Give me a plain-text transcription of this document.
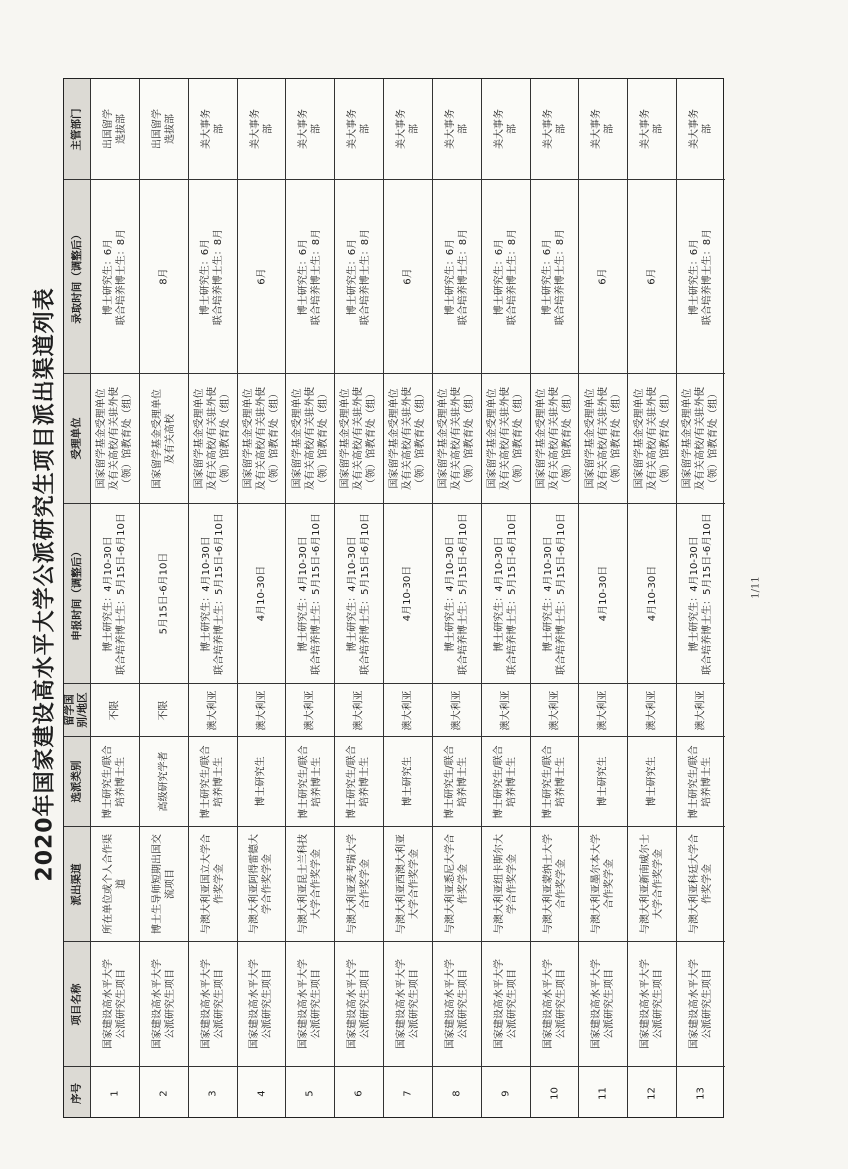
2020年国家建设高水平大学公派研究生项目派出渠道列表
序号
项目名称
派出渠道
选派类别
留学国 别/地区
申报时间（调整后）
受理单位
录取时间（调整后）
主管部门
1
国家建设高水平大学 公派研究生项目
所在单位或个人合作渠 道
博士研究生/联合 培养博士生
不限
博士研究生：4月10-30日 联合培养博士生：5月15日-6月10日
国家留学基金受理单位 及有关高校/有关驻外使 （领）馆教育处（组）
博士研究生：6月 联合培养博士生：8月
出国留学 选拔部
2
国家建设高水平大学 公派研究生项目
博士生导师短期出国交 流项目
高级研究学者
不限
5月15日-6月10日
国家留学基金受理单位 及有关高校
8月
出国留学 选拔部
3
国家建设高水平大学 公派研究生项目
与澳大利亚国立大学合 作奖学金
博士研究生/联合 培养博士生
澳大利亚
博士研究生：4月10-30日 联合培养博士生：5月15日-6月10日
国家留学基金受理单位 及有关高校/有关驻外使 （领）馆教育处（组）
博士研究生：6月 联合培养博士生：8月
美大事务 部
4
国家建设高水平大学 公派研究生项目
与澳大利亚阿得雷德大 学合作奖学金
博士研究生
澳大利亚
4月10-30日
国家留学基金受理单位 及有关高校/有关驻外使 （领）馆教育处（组）
6月
美大事务 部
5
国家建设高水平大学 公派研究生项目
与澳大利亚昆士兰科技 大学合作奖学金
博士研究生/联合 培养博士生
澳大利亚
博士研究生：4月10-30日 联合培养博士生：5月15日-6月10日
国家留学基金受理单位 及有关高校/有关驻外使 （领）馆教育处（组）
博士研究生：6月 联合培养博士生：8月
美大事务 部
6
国家建设高水平大学 公派研究生项目
与澳大利亚麦考瑞大学 合作奖学金
博士研究生/联合 培养博士生
澳大利亚
博士研究生：4月10-30日 联合培养博士生：5月15日-6月10日
国家留学基金受理单位 及有关高校/有关驻外使 （领）馆教育处（组）
博士研究生：6月 联合培养博士生：8月
美大事务 部
7
国家建设高水平大学 公派研究生项目
与澳大利亚西澳大利亚 大学合作奖学金
博士研究生
澳大利亚
4月10-30日
国家留学基金受理单位 及有关高校/有关驻外使 （领）馆教育处（组）
6月
美大事务 部
8
国家建设高水平大学 公派研究生项目
与澳大利亚悉尼大学合 作奖学金
博士研究生/联合 培养博士生
澳大利亚
博士研究生：4月10-30日 联合培养博士生：5月15日-6月10日
国家留学基金受理单位 及有关高校/有关驻外使 （领）馆教育处（组）
博士研究生：6月 联合培养博士生：8月
美大事务 部
9
国家建设高水平大学 公派研究生项目
与澳大利亚纽卡斯尔大 学合作奖学金
博士研究生/联合 培养博士生
澳大利亚
博士研究生：4月10-30日 联合培养博士生：5月15日-6月10日
国家留学基金受理单位 及有关高校/有关驻外使 （领）馆教育处（组）
博士研究生：6月 联合培养博士生：8月
美大事务 部
10
国家建设高水平大学 公派研究生项目
与澳大利亚蒙纳士大学 合作奖学金
博士研究生/联合 培养博士生
澳大利亚
博士研究生：4月10-30日 联合培养博士生：5月15日-6月10日
国家留学基金受理单位 及有关高校/有关驻外使 （领）馆教育处（组）
博士研究生：6月 联合培养博士生：8月
美大事务 部
11
国家建设高水平大学 公派研究生项目
与澳大利亚墨尔本大学 合作奖学金
博士研究生
澳大利亚
4月10-30日
国家留学基金受理单位 及有关高校/有关驻外使 （领）馆教育处（组）
6月
美大事务 部
12
国家建设高水平大学 公派研究生项目
与澳大利亚新南威尔士 大学合作奖学金
博士研究生
澳大利亚
4月10-30日
国家留学基金受理单位 及有关高校/有关驻外使 （领）馆教育处（组）
6月
美大事务 部
13
国家建设高水平大学 公派研究生项目
与澳大利亚科廷大学合 作奖学金
博士研究生/联合 培养博士生
澳大利亚
博士研究生：4月10-30日 联合培养博士生：5月15日-6月10日
国家留学基金受理单位 及有关高校/有关驻外使 （领）馆教育处（组）
博士研究生：6月 联合培养博士生：8月
美大事务 部
1/11
